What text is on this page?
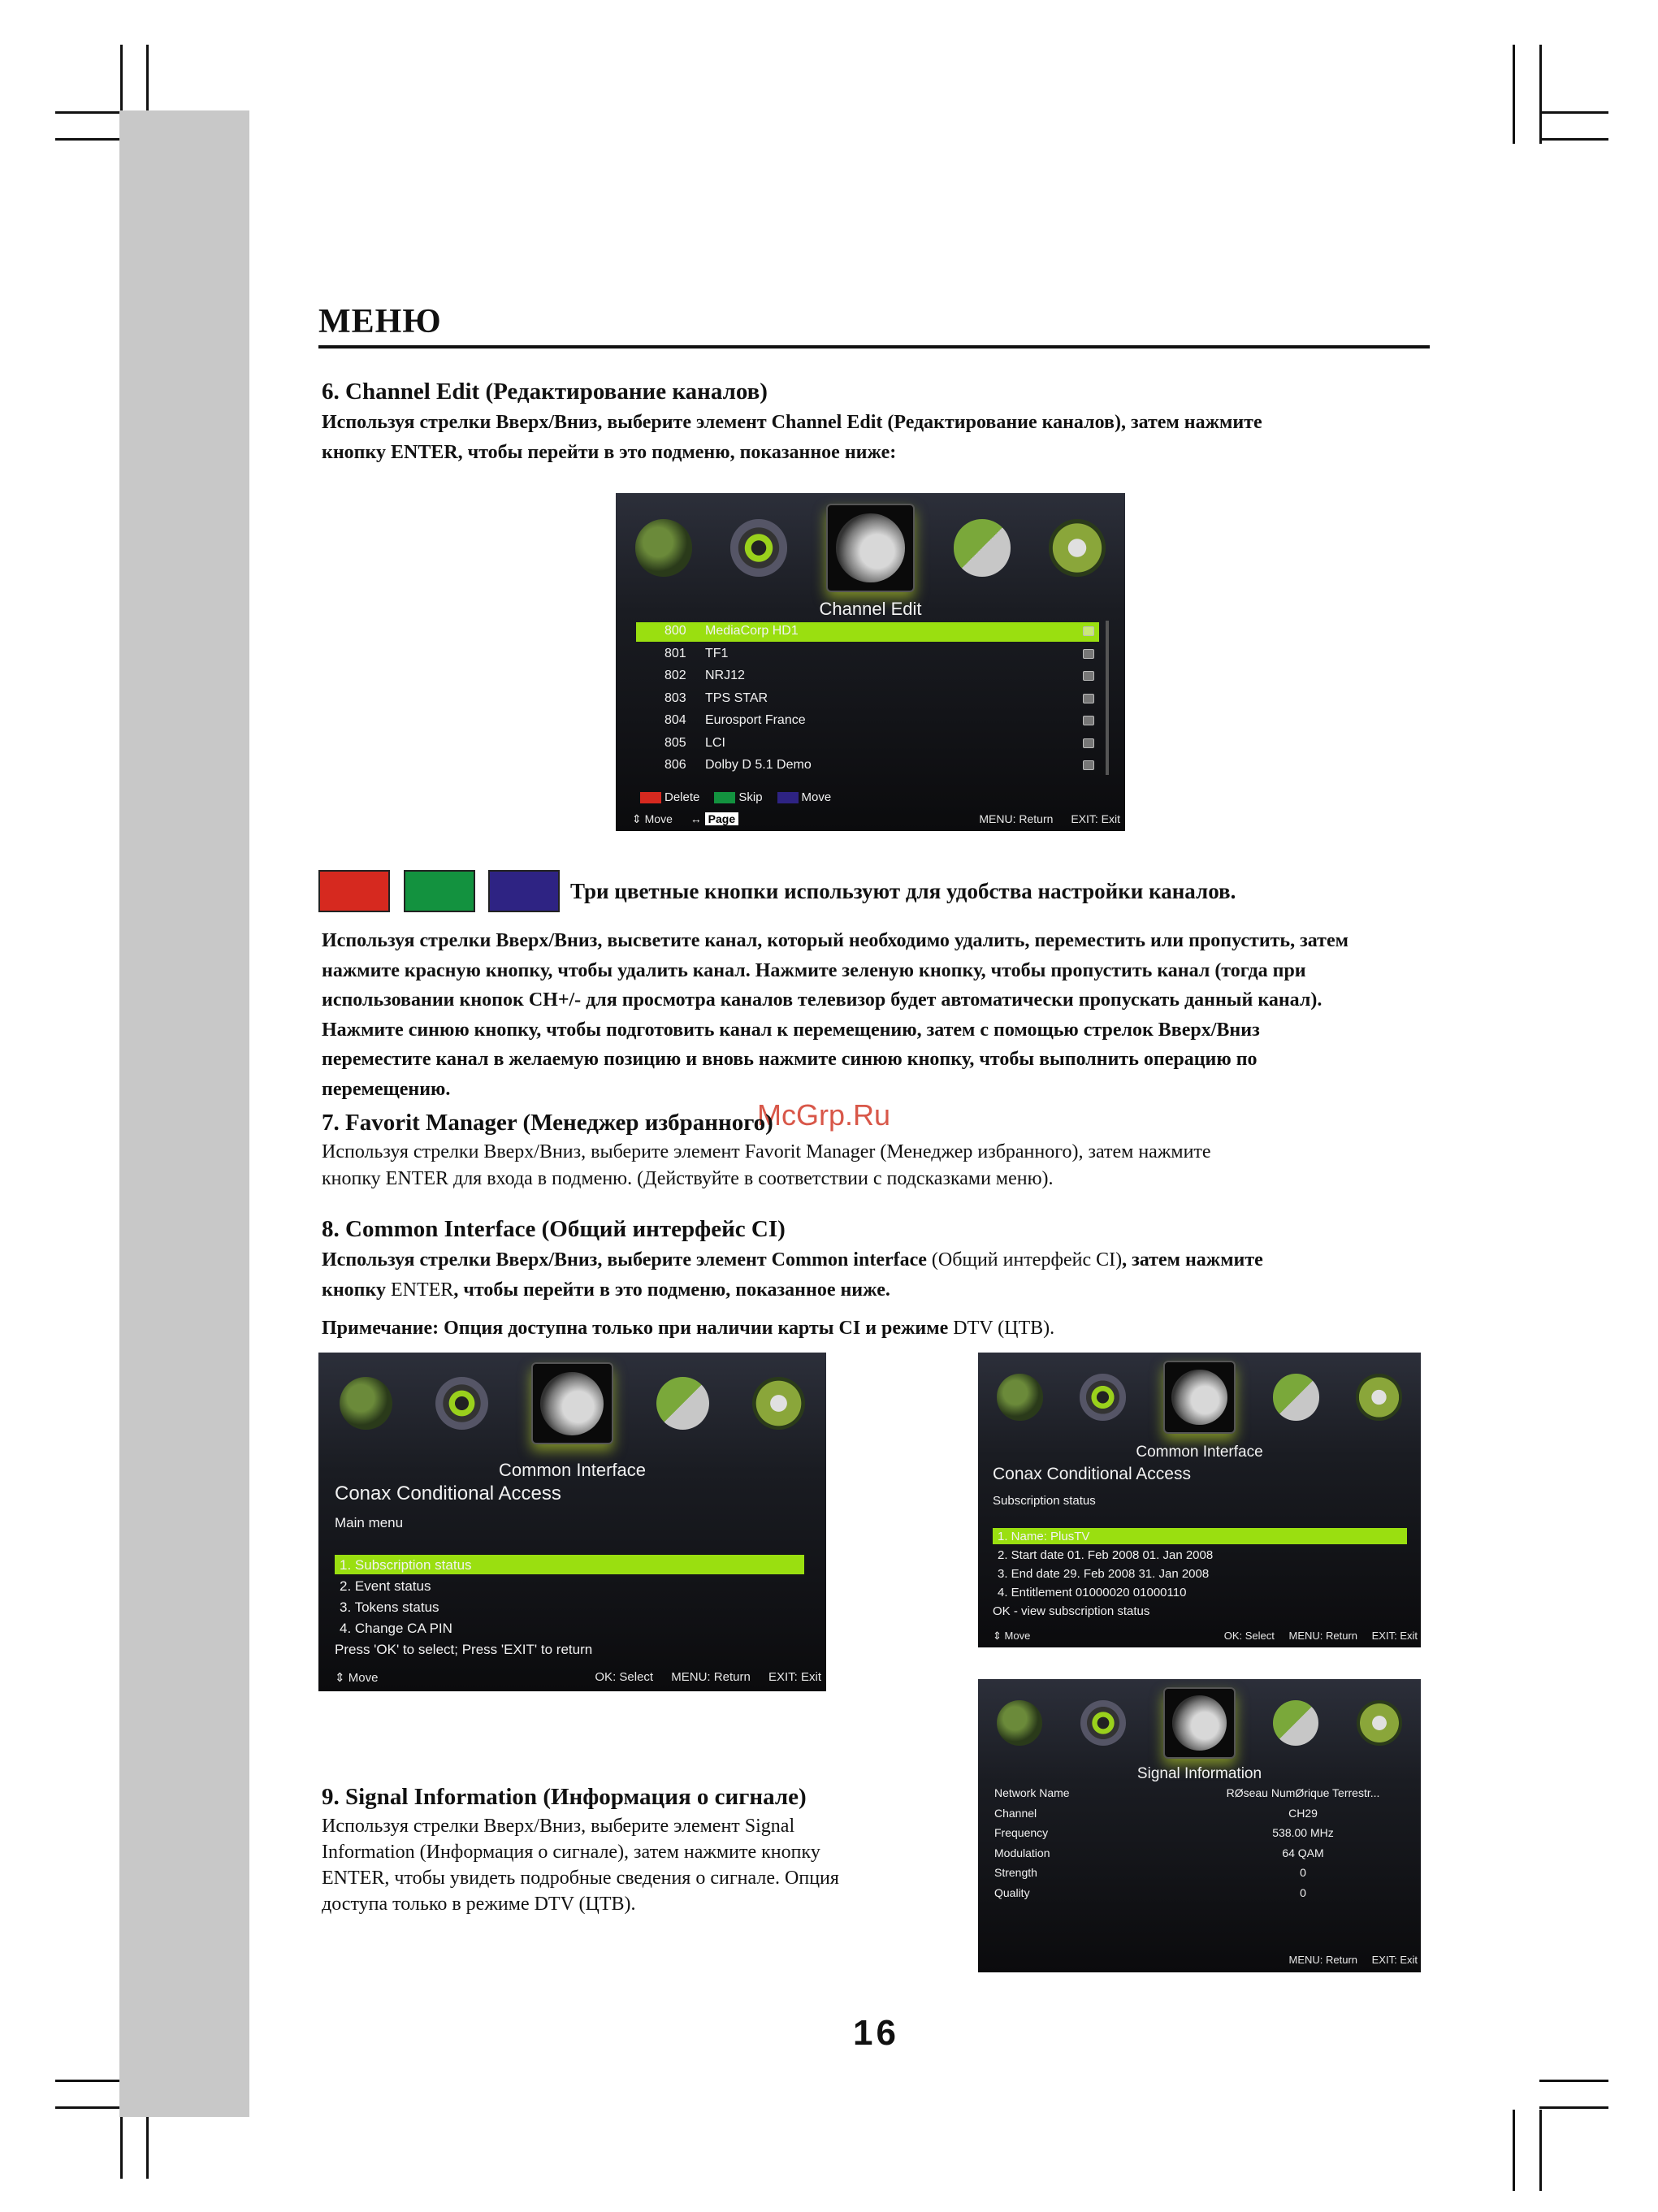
МЕНЮ
6. Channel Edit (Редактирование каналов)
Используя стрелки Вверх/Вниз, выберите элемент Channel Edit (Редактирование каналов), затем нажмите
кнопку ENTER, чтобы перейти в это подменю, показанное ниже:
Channel Edit
800 MediaCorp HD1
801 TF1
802 NRJ12
803 TPS STAR
804 Eurosport France
805 LCI
806 Dolby D 5.1 Demo
Delete	Skip	Move
⇕ Move ↔ Page	MENU: Return EXIT: Exit
Три цветные кнопки используют для удобства настройки каналов.
Используя стрелки Вверх/Вниз, высветите канал, который необходимо удалить, переместить или пропустить, затем
нажмите красную кнопку, чтобы удалить канал. Нажмите зеленую кнопку, чтобы пропустить канал (тогда при
использовании кнопок CH+/- для просмотра каналов телевизор будет автоматически пропускать данный канал).
Нажмите синюю кнопку, чтобы подготовить канал к перемещению, затем с помощью стрелок Вверх/Вниз
переместите канал в желаемую позицию и вновь нажмите синюю кнопку, чтобы выполнить операцию по
перемещению.
McGrp.Ru
7. Favorit Manager (Менеджер избранного)
Используя стрелки Вверх/Вниз, выберите элемент Favorit Manager (Менеджер избранного), затем нажмите
кнопку ENTER для входа в подменю. (Действуйте в соответствии с подсказками меню).
8. Common Interface (Общий интерфейс CI)
Используя стрелки Вверх/Вниз, выберите элемент Common interface (Общий интерфейс CI), затем нажмите
кнопку ENTER, чтобы перейти в это подменю, показанное ниже.
Примечание: Опция доступна только при наличии карты CI и режиме DTV (ЦТВ).
Common Interface
Conax Conditional Access
Main menu
1. Subscription status
2. Event status
3. Tokens status
4. Change CA PIN
Press 'OK' to select; Press 'EXIT' to return
⇕ Move	OK: Select MENU: Return EXIT: Exit
Common Interface
Conax Conditional Access
Subscription status
1. Name: PlusTV
2. Start date 01. Feb 2008 01. Jan 2008
3. End date 29. Feb 2008 31. Jan 2008
4. Entitlement 01000020 01000110
OK - view subscription status
⇕ Move	OK: Select MENU: Return EXIT: Exit
Signal Information
Network Name	RØseau NumØrique Terrestr...
Channel	CH29
Frequency	538.00 MHz
Modulation	64 QAM
Strength	0
Quality	0
MENU: Return EXIT: Exit
9. Signal Information (Информация о сигнале)
Используя стрелки Вверх/Вниз, выберите элемент Signal
Information (Информация о сигнале), затем нажмите кнопку
ENTER, чтобы увидеть подробные сведения о сигнале. Опция
доступа только в режиме DTV (ЦТВ).
16
